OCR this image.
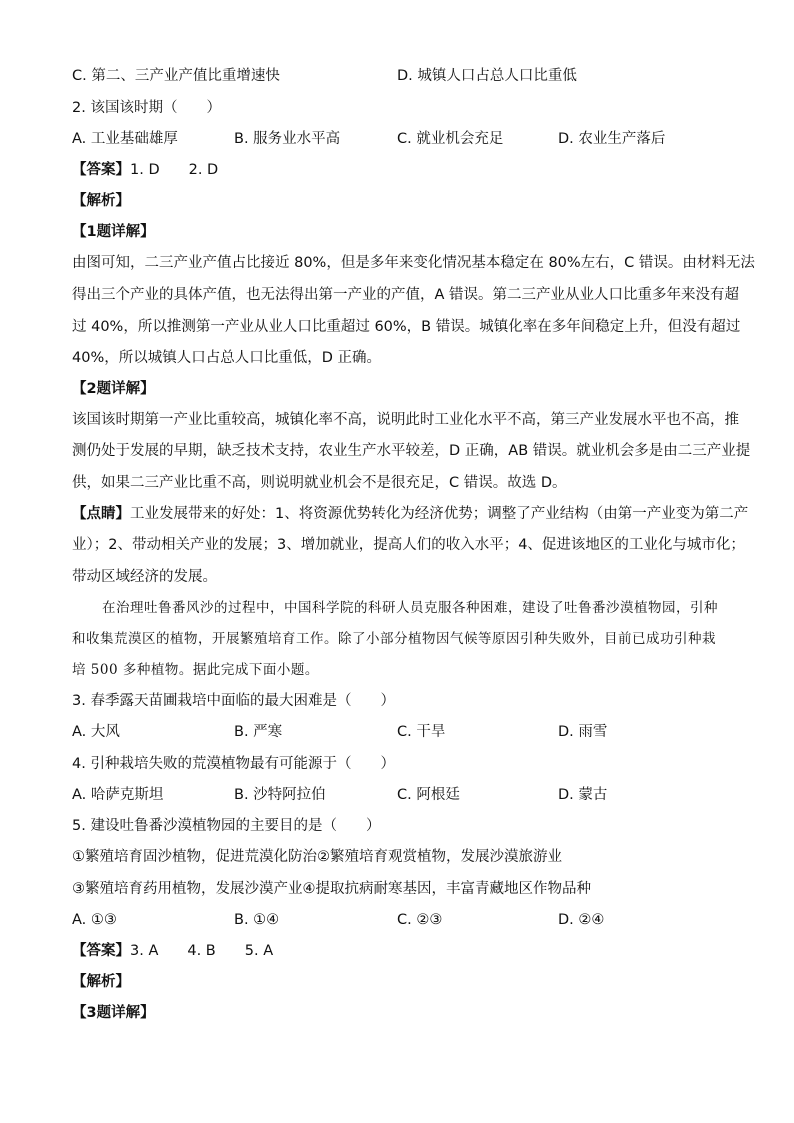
C. 第二、三产业产值比重增速快	D. 城镇人口占总人口比重低
2. 该国该时期（　　）
A. 工业基础雄厚	B. 服务业水平高	C. 就业机会充足	D. 农业生产落后
【答案】1. D　　2. D
【解析】
【1题详解】
由图可知，二三产业产值占比接近 80%，但是多年来变化情况基本稳定在 80%左右，C 错误。由材料无法
得出三个产业的具体产值，也无法得出第一产业的产值，A 错误。第二三产业从业人口比重多年来没有超
过 40%，所以推测第一产业从业人口比重超过 60%，B 错误。城镇化率在多年间稳定上升，但没有超过
40%，所以城镇人口占总人口比重低，D 正确。
【2题详解】
该国该时期第一产业比重较高，城镇化率不高，说明此时工业化水平不高，第三产业发展水平也不高，推
测仍处于发展的早期，缺乏技术支持，农业生产水平较差，D 正确，AB 错误。就业机会多是由二三产业提
供，如果二三产业比重不高，则说明就业机会不是很充足，C 错误。故选 D。
【点睛】工业发展带来的好处：1、将资源优势转化为经济优势；调整了产业结构（由第一产业变为第二产
业）；2、带动相关产业的发展；3、增加就业，提高人们的收入水平；4、促进该地区的工业化与城市化；
带动区域经济的发展。
在治理吐鲁番风沙的过程中，中国科学院的科研人员克服各种困难，建设了吐鲁番沙漠植物园，引种
和收集荒漠区的植物，开展繁殖培育工作。除了小部分植物因气候等原因引种失败外，目前已成功引种栽
培 500 多种植物。据此完成下面小题。
3. 春季露天苗圃栽培中面临的最大困难是（　　）
A. 大风	B. 严寒	C. 干旱	D. 雨雪
4. 引种栽培失败的荒漠植物最有可能源于（　　）
A. 哈萨克斯坦	B. 沙特阿拉伯	C. 阿根廷	D. 蒙古
5. 建设吐鲁番沙漠植物园的主要目的是（　　）
①繁殖培育固沙植物，促进荒漠化防治②繁殖培育观赏植物，发展沙漠旅游业
③繁殖培育药用植物，发展沙漠产业④提取抗病耐寒基因，丰富青藏地区作物品种
A. ①③	B. ①④	C. ②③	D. ②④
【答案】3. A　　4. B　　5. A
【解析】
【3题详解】
